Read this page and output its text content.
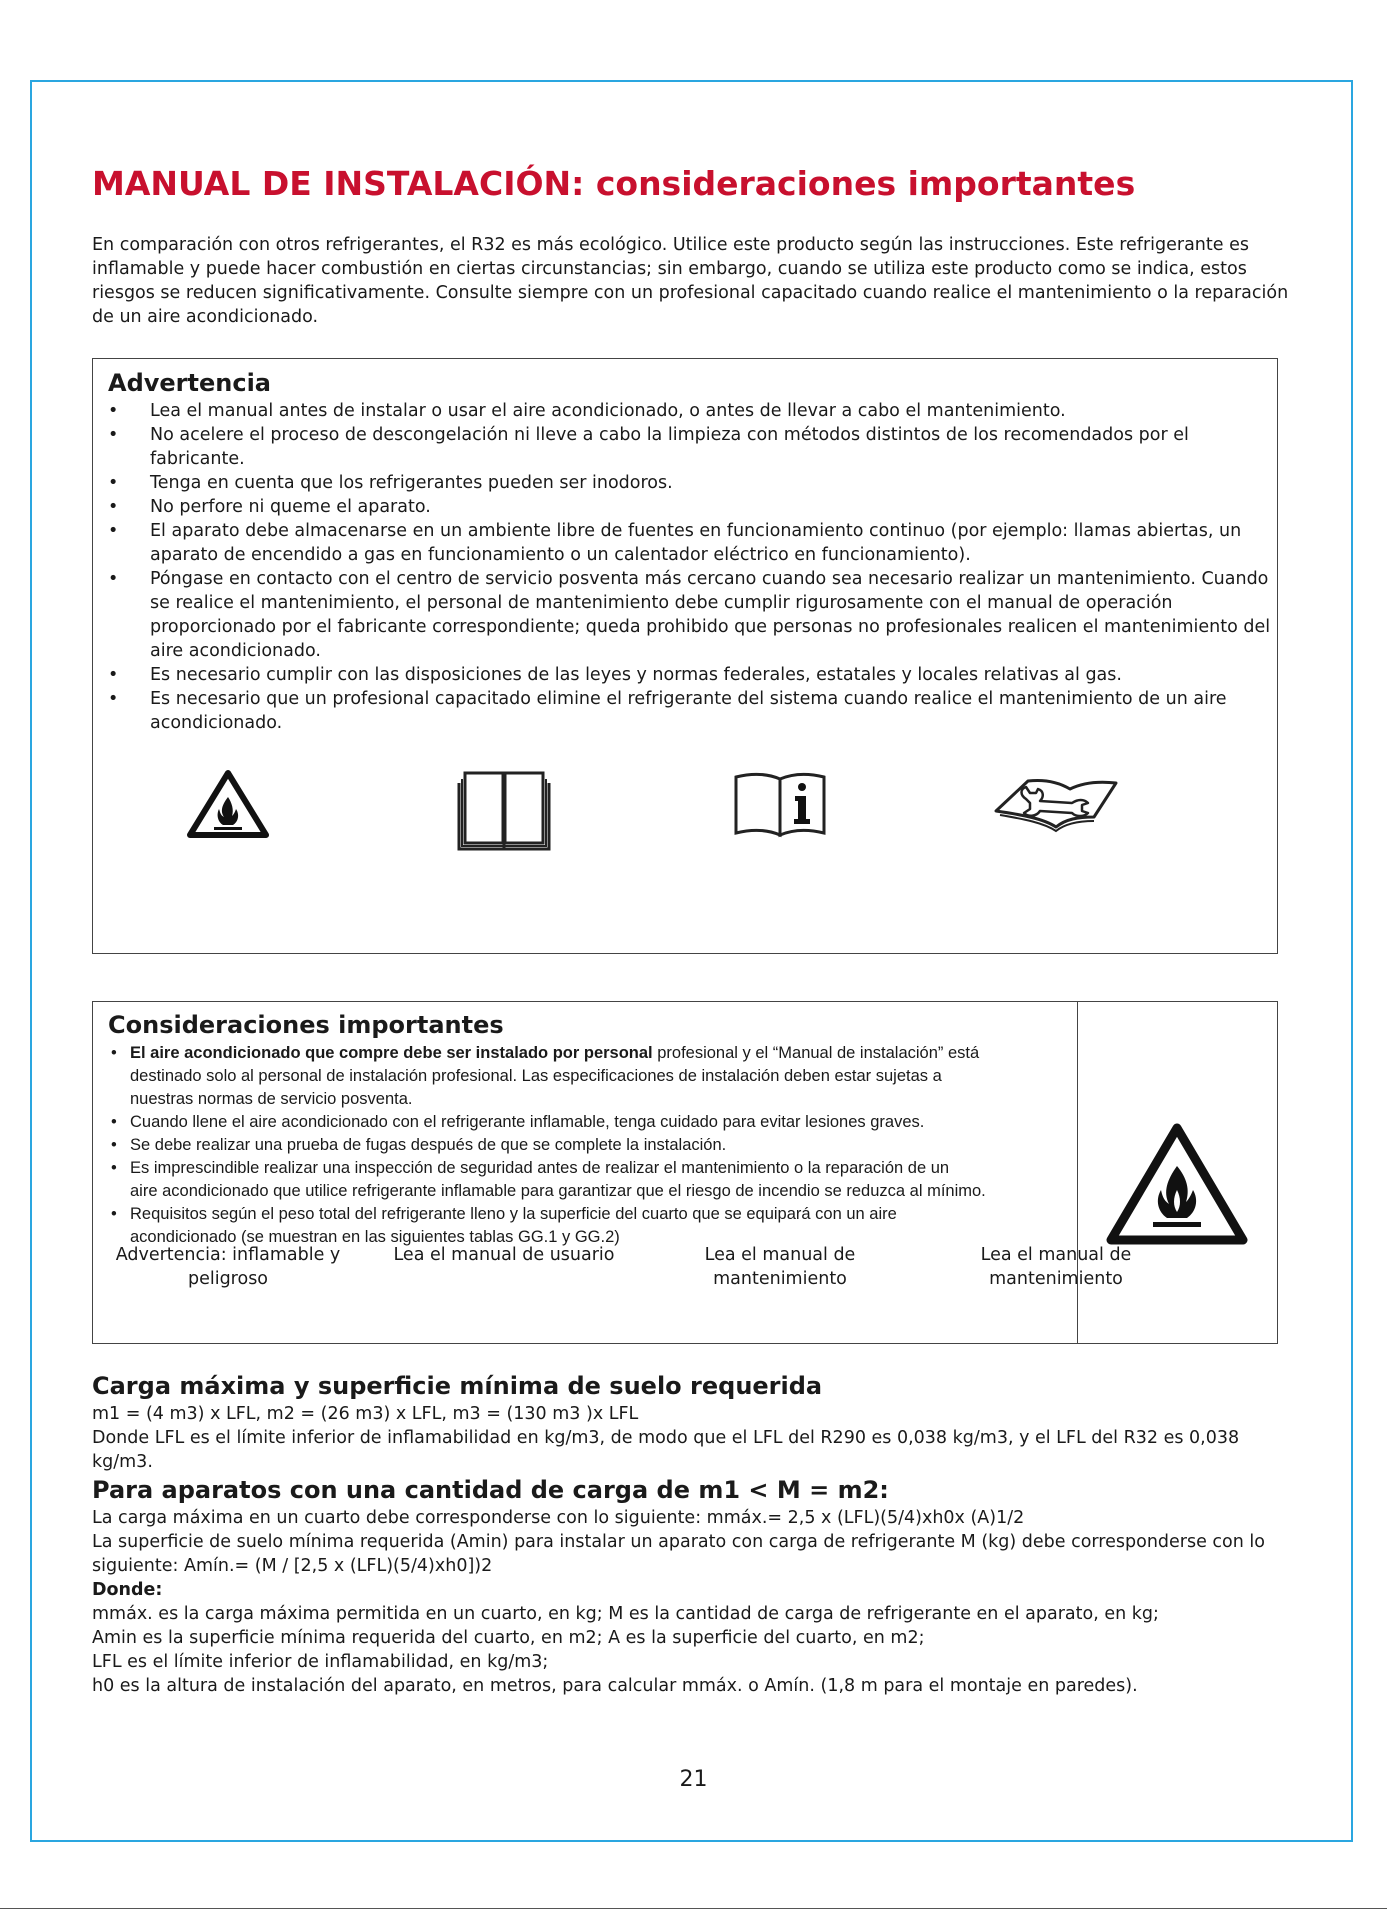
MANUAL DE INSTALACIÓN: consideraciones importantes

En comparación con otros refrigerantes, el R32 es más ecológico. Utilice este producto según las instrucciones. Este refrigerante es inflamable y puede hacer combustión en ciertas circunstancias; sin embargo, cuando se utiliza este producto como se indica, estos riesgos se reducen significativamente. Consulte siempre con un profesional capacitado cuando realice el mantenimiento o la reparación de un aire acondicionado.

Advertencia
• Lea el manual antes de instalar o usar el aire acondicionado, o antes de llevar a cabo el mantenimiento.
• No acelere el proceso de descongelación ni lleve a cabo la limpieza con métodos distintos de los recomendados por el fabricante.
• Tenga en cuenta que los refrigerantes pueden ser inodoros.
• No perfore ni queme el aparato.
• El aparato debe almacenarse en un ambiente libre de fuentes en funcionamiento continuo (por ejemplo: llamas abiertas, un aparato de encendido a gas en funcionamiento o un calentador eléctrico en funcionamiento).
• Póngase en contacto con el centro de servicio posventa más cercano cuando sea necesario realizar un mantenimiento. Cuando se realice el mantenimiento, el personal de mantenimiento debe cumplir rigurosamente con el manual de operación proporcionado por el fabricante correspondiente; queda prohibido que personas no profesionales realicen el mantenimiento del aire acondicionado.
• Es necesario cumplir con las disposiciones de las leyes y normas federales, estatales y locales relativas al gas.
• Es necesario que un profesional capacitado elimine el refrigerante del sistema cuando realice el mantenimiento de un aire acondicionado.
Advertencia: inflamable y peligroso
Lea el manual de usuario	Lea el manual de mantenimiento
Lea el manual de mantenimiento
Consideraciones importantes
• El aire acondicionado que compre debe ser instalado por personal profesional y el “Manual de instalación” está destinado solo al personal de instalación profesional. Las especificaciones de instalación deben estar sujetas a nuestras normas de servicio posventa.
• Cuando llene el aire acondicionado con el refrigerante inflamable, tenga cuidado para evitar lesiones graves.
• Se debe realizar una prueba de fugas después de que se complete la instalación.
• Es imprescindible realizar una inspección de seguridad antes de realizar el mantenimiento o la reparación de un
aire acondicionado que utilice refrigerante inflamable para garantizar que el riesgo de incendio se reduzca al mínimo.
• Requisitos según el peso total del refrigerante lleno y la superficie del cuarto que se equipará con un aire acondicionado (se muestran en las siguientes tablas GG.1 y GG.2)
Carga máxima y superficie mínima de suelo requerida

m1 = (4 m3) x LFL, m2 = (26 m3) x LFL, m3 = (130 m3 )x LFL
Donde LFL es el límite inferior de inflamabilidad en kg/m3, de modo que el LFL del R290 es 0,038 kg/m3, y el LFL del R32 es 0,038 kg/m3.

Para aparatos con una cantidad de carga de m1 < M = m2:

La carga máxima en un cuarto debe corresponderse con lo siguiente: mmáx.= 2,5 x (LFL)(5/4)xh0x (A)1/2
La superficie de suelo mínima requerida (Amin) para instalar un aparato con carga de refrigerante M (kg) debe corresponderse con lo siguiente: Amín.= (M / [2,5 x (LFL)(5/4)xh0])2
Donde:
mmáx. es la carga máxima permitida en un cuarto, en kg; M es la cantidad de carga de refrigerante en el aparato, en kg;
Amin es la superficie mínima requerida del cuarto, en m2; A es la superficie del cuarto, en m2;
LFL es el límite inferior de inflamabilidad, en kg/m3;
h0 es la altura de instalación del aparato, en metros, para calcular mmáx. o Amín. (1,8 m para el montaje en paredes).

21
